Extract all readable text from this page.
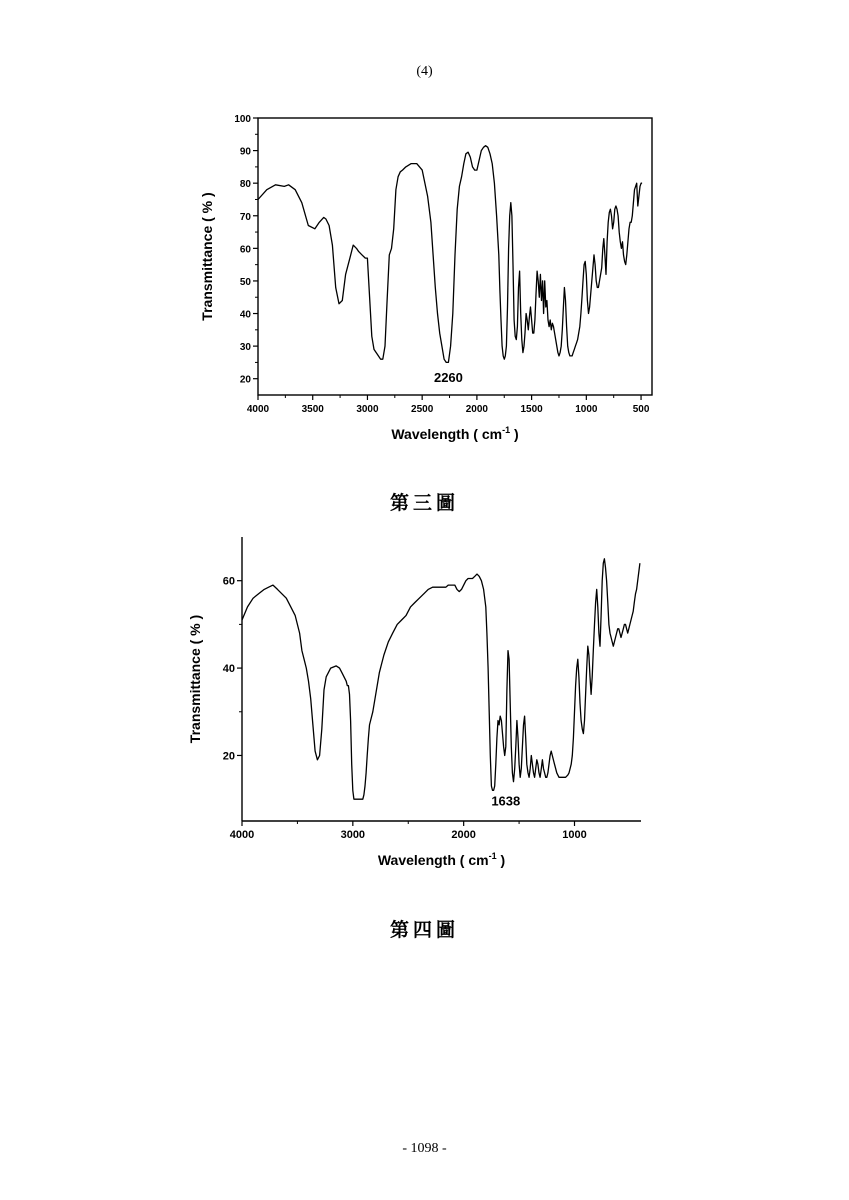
(4)
4000	3500	3000	2500	2000	1500	1000	500
20
30
40
50
60
70
80
90
100
2260
Wavelength ( $cm^{-1}$ )
Transmittance ( % )
第三圖
4000	3000	2000	1000
20
40
60
1638
Wavelength ( $cm^{-1}$ )
Transmittance ( % )
第四圖
- 1098 -
